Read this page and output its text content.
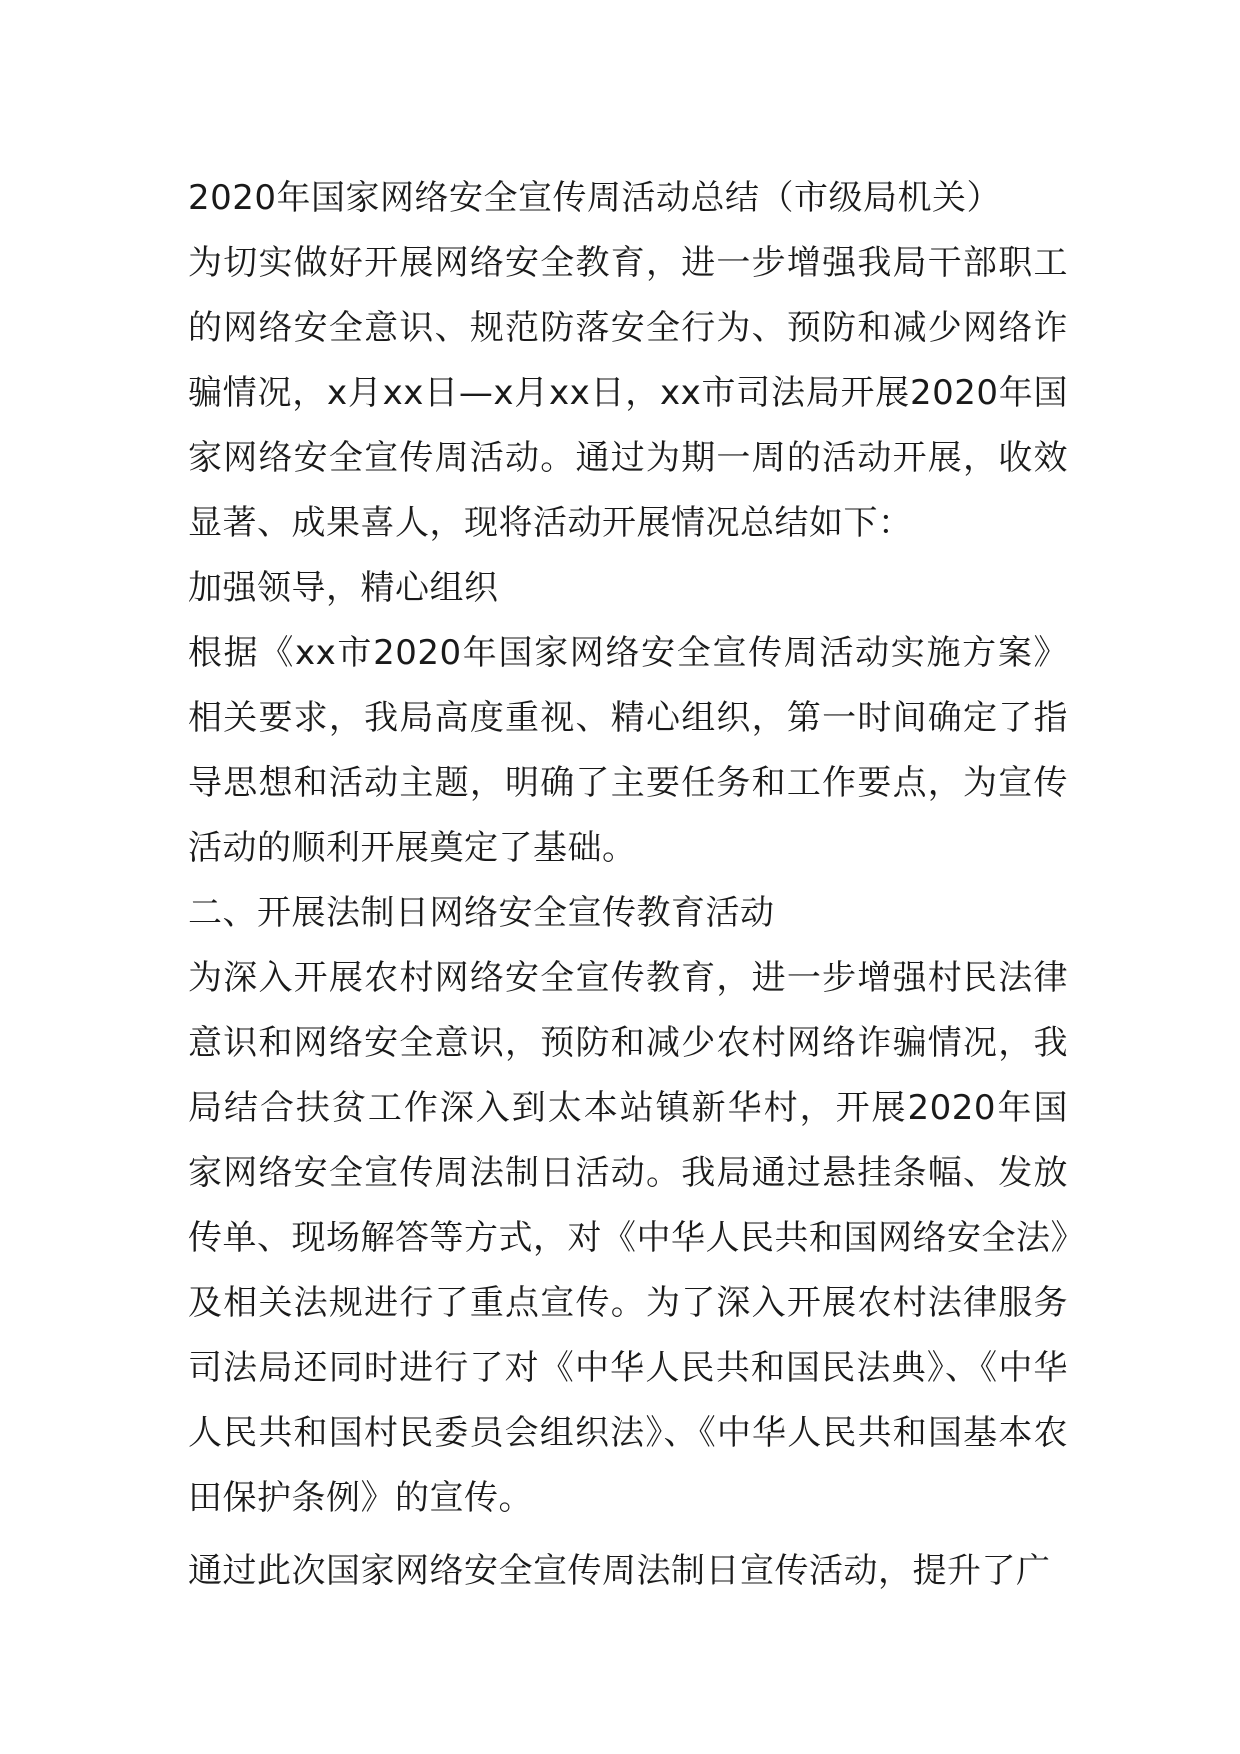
2020年国家网络安全宣传周活动总结（市级局机关）

为切实做好开展网络安全教育，进一步增强我局干部职工的网络安全意识、规范防落安全行为、预防和减少网络诈骗情况，x月xx日—x月xx日，xx市司法局开展2020年国家网络安全宣传周活动。通过为期一周的活动开展，收效显著、成果喜人，现将活动开展情况总结如下：

加强领导，精心组织

根据《xx市2020年国家网络安全宣传周活动实施方案》相关要求，我局高度重视、精心组织，第一时间确定了指导思想和活动主题，明确了主要任务和工作要点，为宣传活动的顺利开展奠定了基础。

二、开展法制日网络安全宣传教育活动

为深入开展农村网络安全宣传教育，进一步增强村民法律意识和网络安全意识，预防和减少农村网络诈骗情况，我局结合扶贫工作深入到太本站镇新华村，开展2020年国家网络安全宣传周法制日活动。我局通过悬挂条幅、发放传单、现场解答等方式，对《中华人民共和国网络安全法》及相关法规进行了重点宣传。为了深入开展农村法律服务司法局还同时进行了对《中华人民共和国民法典》、《中华人民共和国村民委员会组织法》、《中华人民共和国基本农田保护条例》的宣传。

通过此次国家网络安全宣传周法制日宣传活动，提升了广
